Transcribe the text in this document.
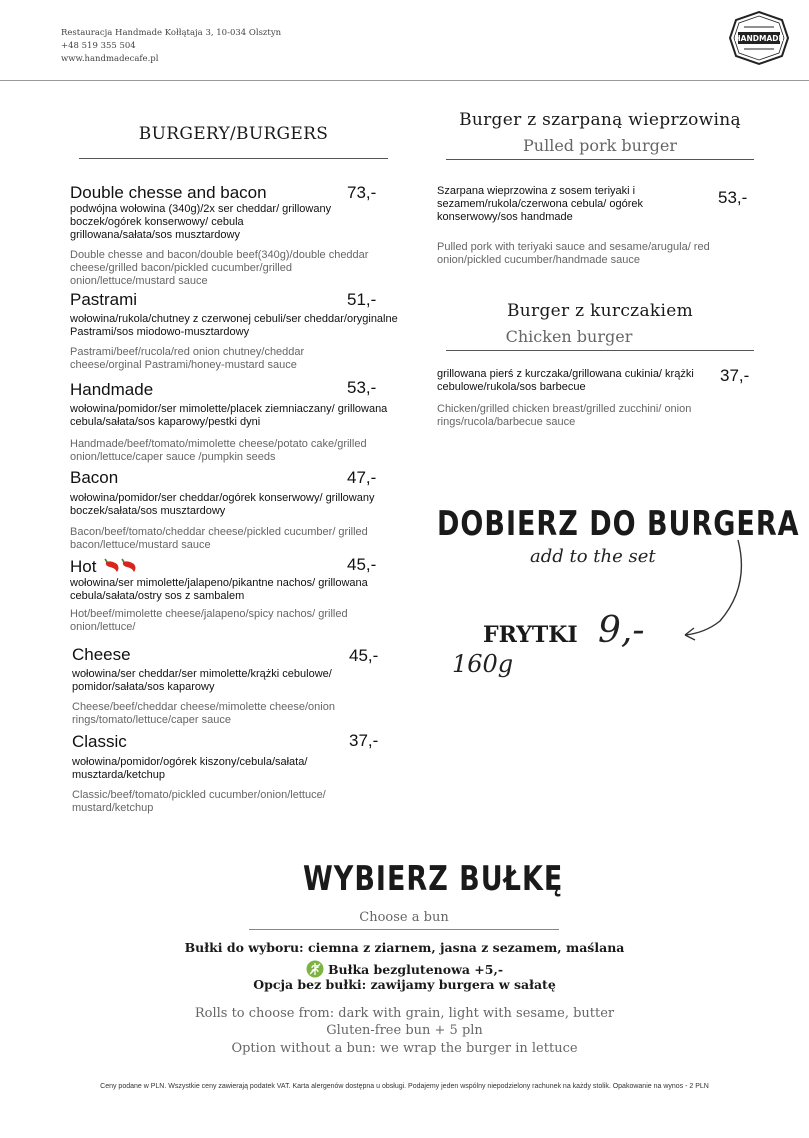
Restauracja Handmade Kołłątaja 3, 10-034 Olsztyn
+48 519 355 504
www.handmadecafe.pl
HANDMADE
BURGERY/BURGERS
Double chesse and bacon	73,-
podwójna wołowina (340g)/2x ser cheddar/ grillowany boczek/ogórek konserwowy/ cebula grillowana/sałata/sos musztardowy
Double chesse and bacon/double beef(340g)/double cheddar cheese/grilled bacon/pickled cucumber/grilled onion/lettuce/mustard sauce
Pastrami	51,-
wołowina/rukola/chutney z czerwonej cebuli/ser cheddar/oryginalne Pastrami/sos miodowo-musztardowy
Pastrami/beef/rucola/red onion chutney/cheddar cheese/orginal Pastrami/honey-mustard sauce
Handmade	53,-
wołowina/pomidor/ser mimolette/placek ziemniaczany/ grillowana cebula/sałata/sos kaparowy/pestki dyni
Handmade/beef/tomato/mimolette cheese/potato cake/grilled onion/lettuce/caper sauce /pumpkin seeds
Bacon	47,-
wołowina/pomidor/ser cheddar/ogórek konserwowy/ grillowany boczek/sałata/sos musztardowy
Bacon/beef/tomato/cheddar cheese/pickled cucumber/ grilled bacon/lettuce/mustard sauce
Hot	45,-
wołowina/ser mimolette/jalapeno/pikantne nachos/ grillowana cebula/sałata/ostry sos z sambalem
Hot/beef/mimolette cheese/jalapeno/spicy nachos/ grilled onion/lettuce/
Cheese	45,-
wołowina/ser cheddar/ser mimolette/krążki cebulowe/ pomidor/sałata/sos kaparowy
Cheese/beef/cheddar cheese/mimolette cheese/onion rings/tomato/lettuce/caper sauce
Classic	37,-
wołowina/pomidor/ogórek kiszony/cebula/sałata/ musztarda/ketchup
Classic/beef/tomato/pickled cucumber/onion/lettuce/ mustard/ketchup
Burger z szarpaną wieprzowiną
Pulled pork burger
Szarpana wieprzowina z sosem teriyaki i sezamem/rukola/czerwona cebula/ ogórek konserwowy/sos handmade
53,-
Pulled pork with teriyaki sauce and sesame/arugula/ red onion/pickled cucumber/handmade sauce
Burger z kurczakiem
Chicken burger
grillowana pierś z kurczaka/grillowana cukinia/ krążki cebulowe/rukola/sos barbecue
37,-
Chicken/grilled chicken breast/grilled zucchini/ onion rings/rucola/barbecue sauce
DOBIERZ DO BURGERA
add to the set
FRYTKI 9,-
160g
WYBIERZ BUŁKĘ
Choose a bun
Bułki do wyboru: ciemna z ziarnem, jasna z sezamem, maślana
Bułka bezglutenowa +5,-
Opcja bez bułki: zawijamy burgera w sałatę
Rolls to choose from: dark with grain, light with sesame, butter
Gluten-free bun + 5 pln
Option without a bun: we wrap the burger in lettuce
Ceny podane w PLN. Wszystkie ceny zawierają podatek VAT. Karta alergenów dostępna u obsługi. Podajemy jeden wspólny niepodzielony rachunek na każdy stolik. Opakowanie na wynos - 2 PLN
